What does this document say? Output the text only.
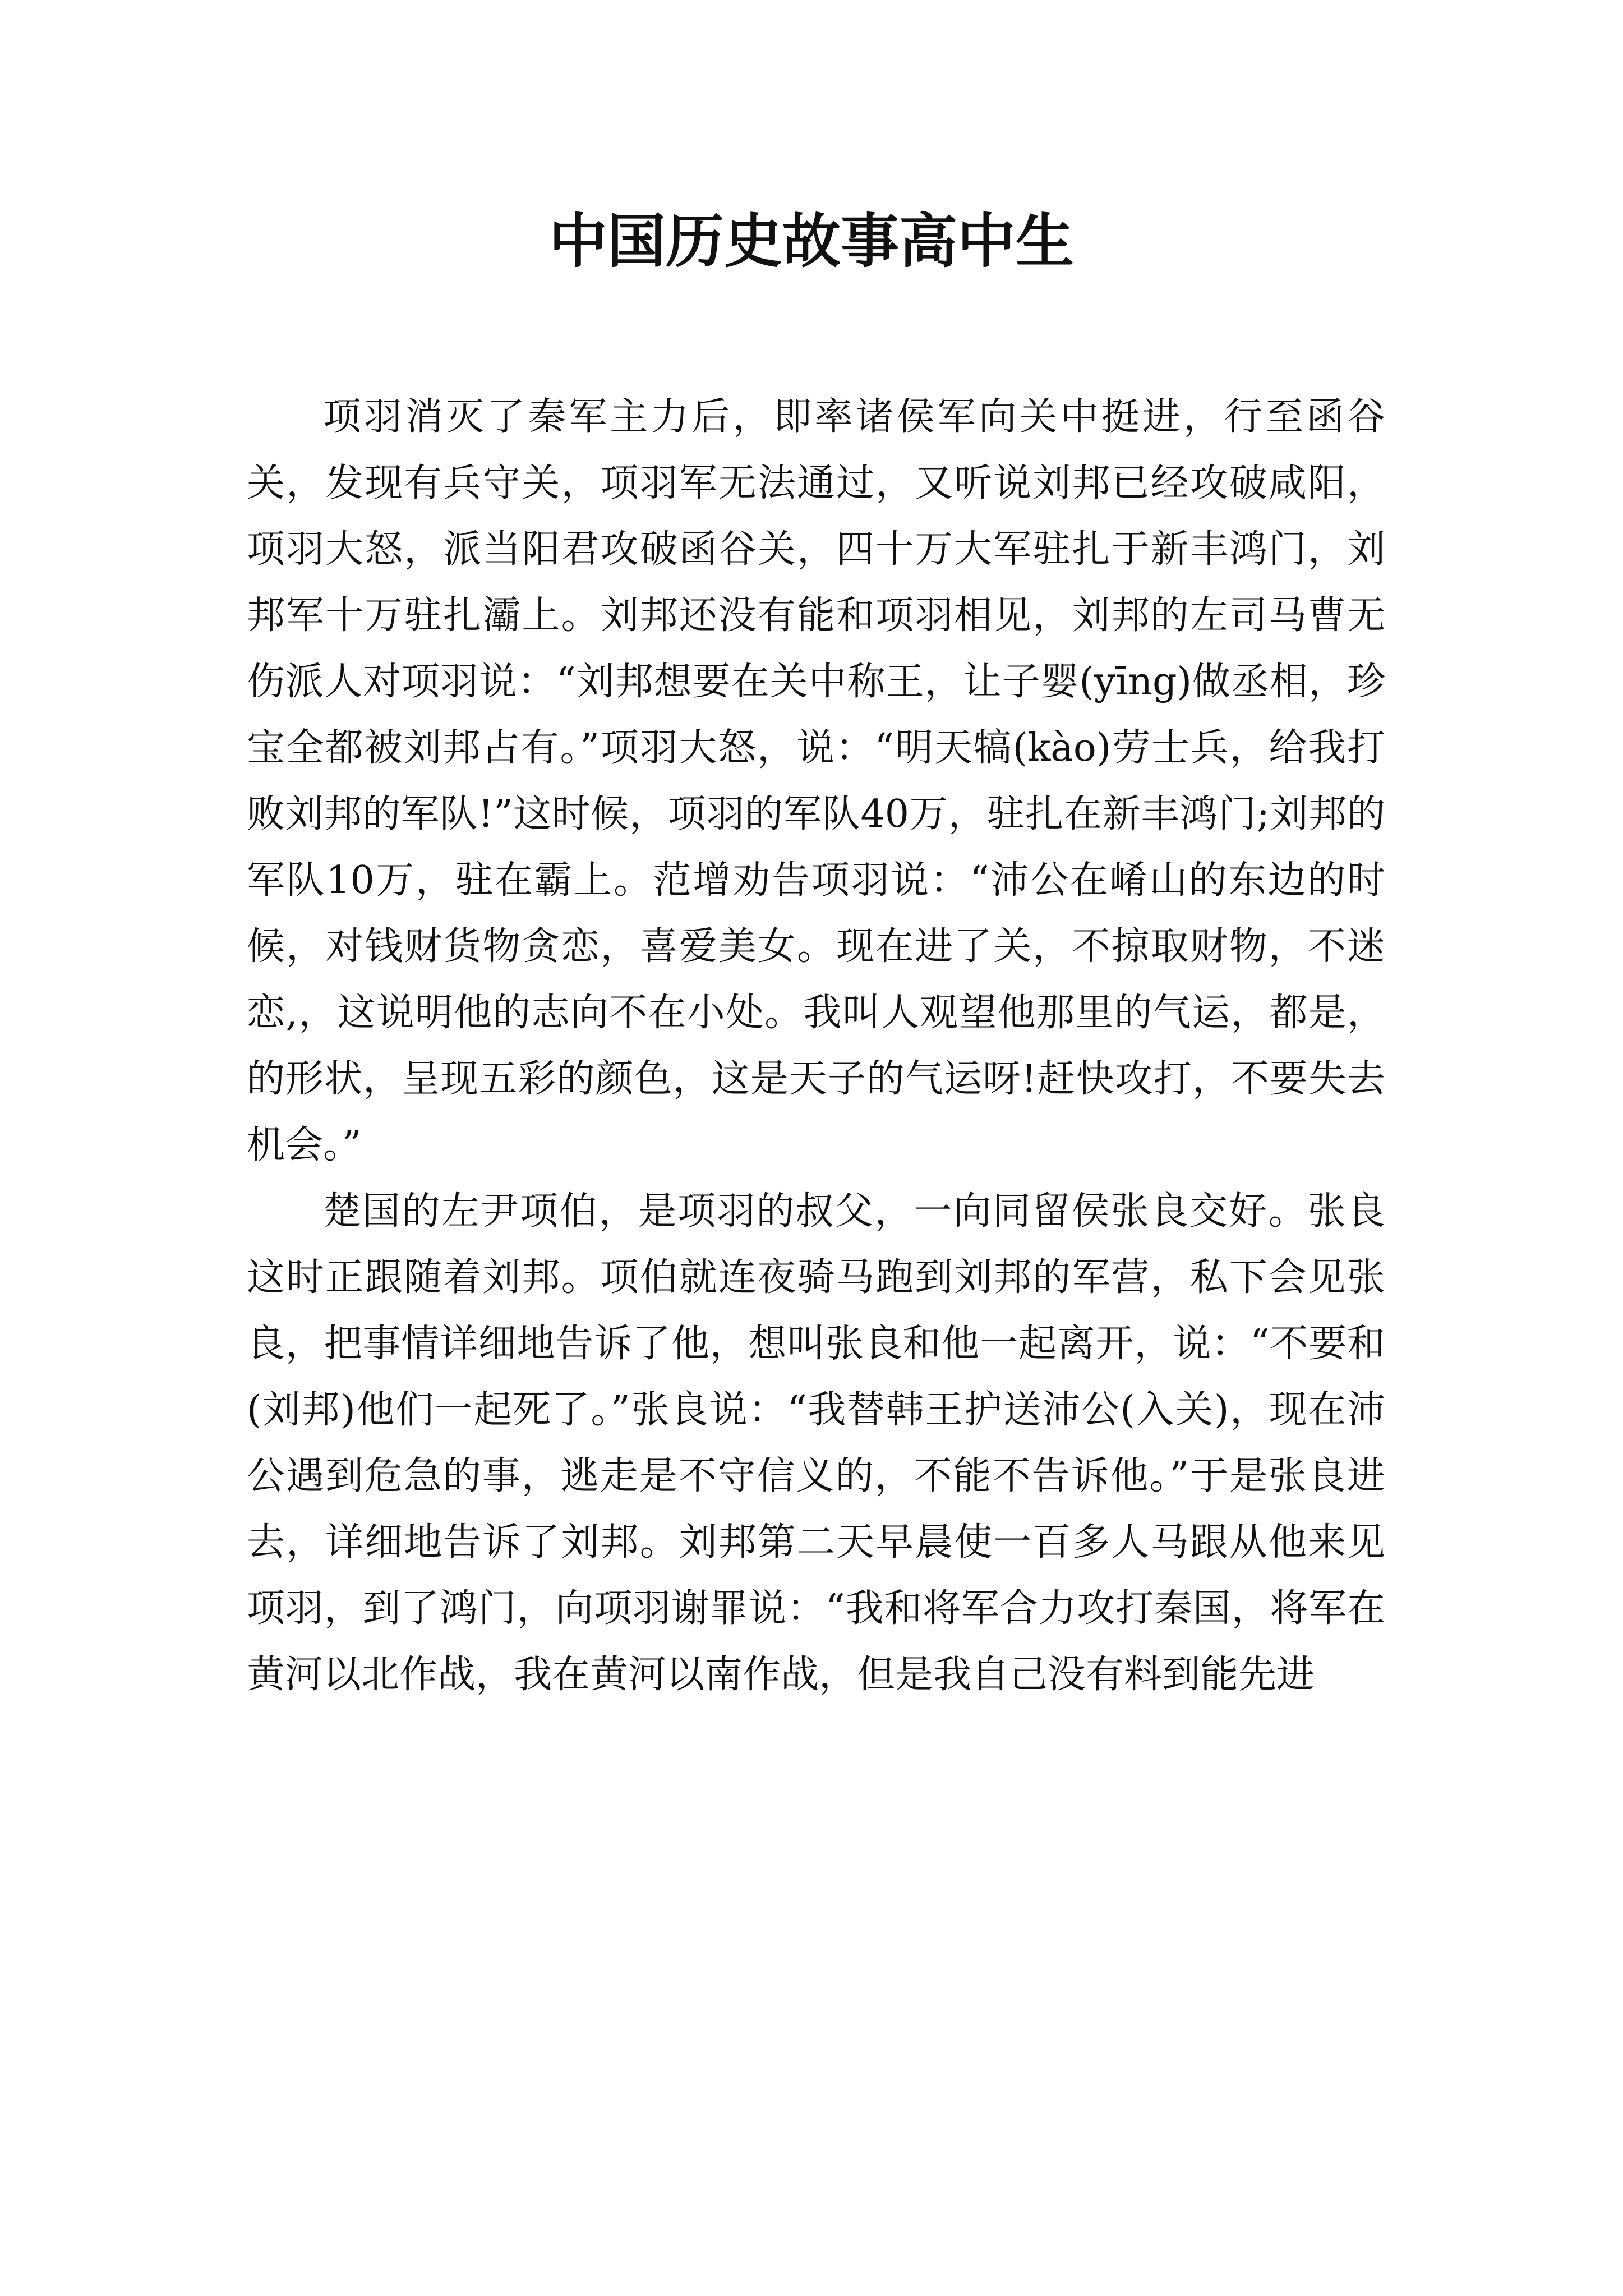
中国历史故事高中生

项羽消灭了秦军主力后，即率诸侯军向关中挺进，行至函谷关，发现有兵守关，项羽军无法通过，又听说刘邦已经攻破咸阳，项羽大怒，派当阳君攻破函谷关，四十万大军驻扎于新丰鸿门，刘邦军十万驻扎灞上。刘邦还没有能和项羽相见，刘邦的左司马曹无伤派人对项羽说：“刘邦想要在关中称王，让子婴(yīng)做丞相，珍宝全都被刘邦占有。”项羽大怒，说：“明天犒(kào)劳士兵，给我打败刘邦的军队!”这时候，项羽的军队40万，驻扎在新丰鸿门;刘邦的军队10万，驻在霸上。范增劝告项羽说：“沛公在崤山的东边的时候，对钱财货物贪恋，喜爱美女。现在进了关，不掠取财物，不迷恋,，这说明他的志向不在小处。我叫人观望他那里的气运，都是，的形状，呈现五彩的颜色，这是天子的气运呀!赶快攻打，不要失去机会。”

楚国的左尹项伯，是项羽的叔父，一向同留侯张良交好。张良这时正跟随着刘邦。项伯就连夜骑马跑到刘邦的军营，私下会见张良，把事情详细地告诉了他，想叫张良和他一起离开，说：“不要和(刘邦)他们一起死了。”张良说：“我替韩王护送沛公(入关)，现在沛公遇到危急的事，逃走是不守信义的，不能不告诉他。”于是张良进去，详细地告诉了刘邦。刘邦第二天早晨使一百多人马跟从他来见项羽，到了鸿门，向项羽谢罪说：“我和将军合力攻打秦国，将军在黄河以北作战，我在黄河以南作战，但是我自己没有料到能先进
